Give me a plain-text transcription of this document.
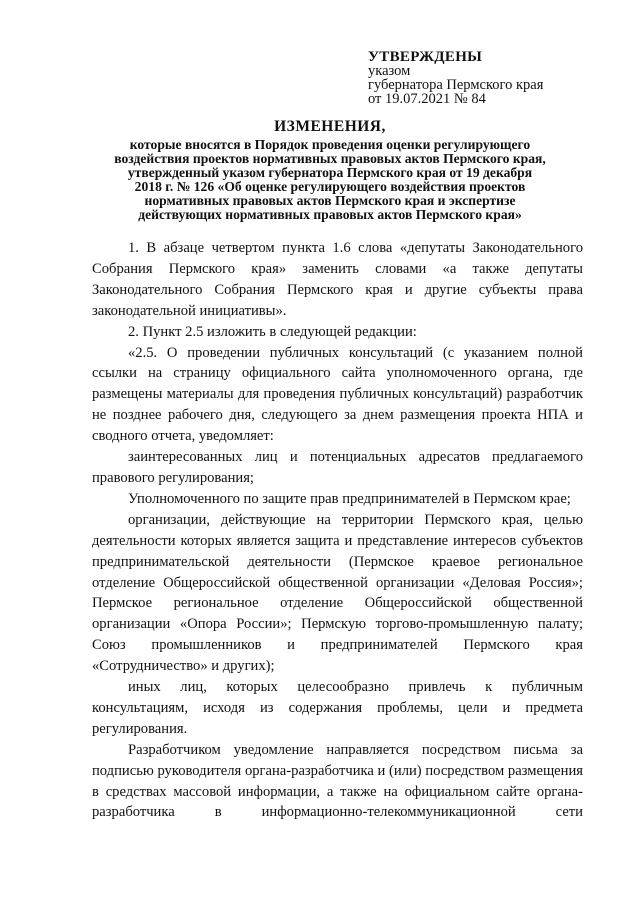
УТВЕРЖДЕНЫ
указом
губернатора Пермского края
от 19.07.2021 № 84
ИЗМЕНЕНИЯ,
которые вносятся в Порядок проведения оценки регулирующего
воздействия проектов нормативных правовых актов Пермского края,
утвержденный указом губернатора Пермского края от 19 декабря
2018 г. № 126 «Об оценке регулирующего воздействия проектов
нормативных правовых актов Пермского края и экспертизе
действующих нормативных правовых актов Пермского края»

1. В абзаце четвертом пункта 1.6 слова «депутаты Законодательного Собрания Пермского края» заменить словами «а также депутаты Законодательного Собрания Пермского края и другие субъекты права законодательной инициативы».

2. Пункт 2.5 изложить в следующей редакции:

«2.5. О проведении публичных консультаций (с указанием полной ссылки на страницу официального сайта уполномоченного органа, где размещены материалы для проведения публичных консультаций) разработчик не позднее рабочего дня, следующего за днем размещения проекта НПА и сводного отчета, уведомляет:

заинтересованных лиц и потенциальных адресатов предлагаемого правового регулирования;

Уполномоченного по защите прав предпринимателей в Пермском крае;

организации, действующие на территории Пермского края, целью деятельности которых является защита и представление интересов субъектов предпринимательской деятельности (Пермское краевое региональное отделение Общероссийской общественной организации «Деловая Россия»; Пермское региональное отделение Общероссийской общественной организации «Опора России»; Пермскую торгово-промышленную палату; Союз промышленников и предпринимателей Пермского края «Сотрудничество» и других);

иных лиц, которых целесообразно привлечь к публичным консультациям, исходя из содержания проблемы, цели и предмета регулирования.

Разработчиком уведомление направляется посредством письма за подписью руководителя органа-разработчика и (или) посредством размещения в средствах массовой информации, а также на официальном сайте органа-разработчика в информационно-телекоммуникационной сети
